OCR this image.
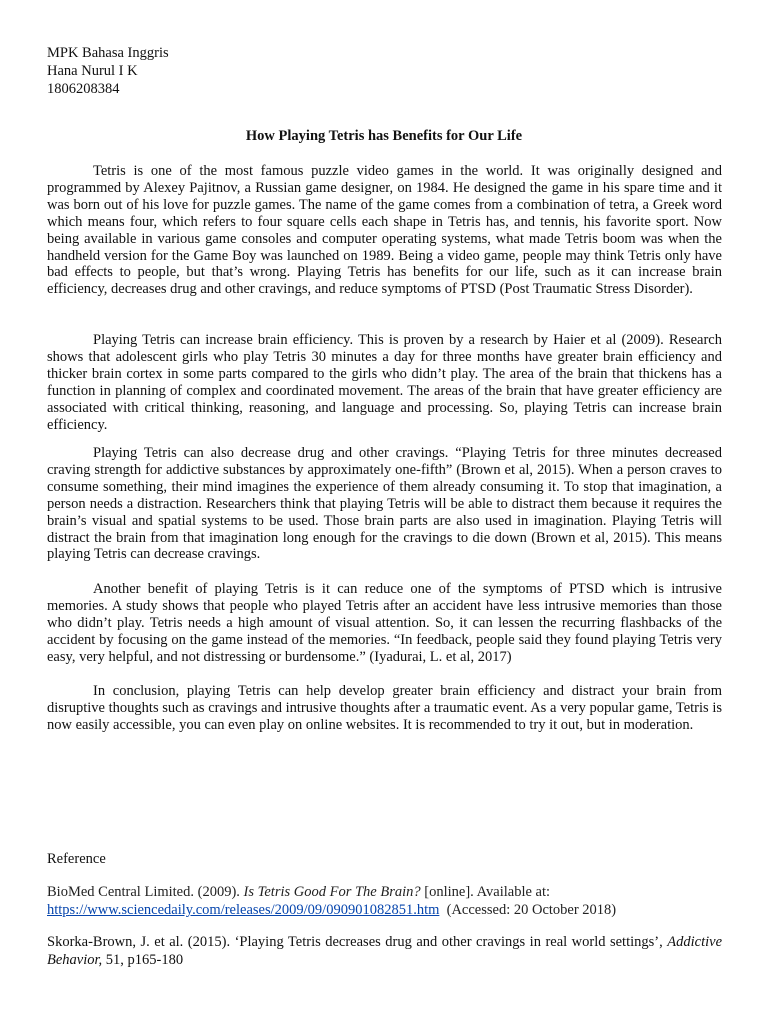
MPK Bahasa Inggris
Hana Nurul I K
1806208384
How Playing Tetris has Benefits for Our Life

Tetris is one of the most famous puzzle video games in the world. It was originally designed and programmed by Alexey Pajitnov, a Russian game designer, on 1984. He designed the game in his spare time and it was born out of his love for puzzle games. The name of the game comes from a combination of tetra, a Greek word which means four, which refers to four square cells each shape in Tetris has, and tennis, his favorite sport. Now being available in various game consoles and computer operating systems, what made Tetris boom was when the handheld version for the Game Boy was launched on 1989. Being a video game, people may think Tetris only have bad effects to people, but that’s wrong. Playing Tetris has benefits for our life, such as it can increase brain efficiency, decreases drug and other cravings, and reduce symptoms of PTSD (Post Traumatic Stress Disorder).

Playing Tetris can increase brain efficiency. This is proven by a research by Haier et al (2009). Research shows that adolescent girls who play Tetris 30 minutes a day for three months have greater brain efficiency and thicker brain cortex in some parts compared to the girls who didn’t play. The area of the brain that thickens has a function in planning of complex and coordinated movement. The areas of the brain that have greater efficiency are associated with critical thinking, reasoning, and language and processing. So, playing Tetris can increase brain efficiency.

Playing Tetris can also decrease drug and other cravings. “Playing Tetris for three minutes decreased craving strength for addictive substances by approximately one-fifth” (Brown et al, 2015). When a person craves to consume something, their mind imagines the experience of them already consuming it. To stop that imagination, a person needs a distraction. Researchers think that playing Tetris will be able to distract them because it requires the brain’s visual and spatial systems to be used. Those brain parts are also used in imagination. Playing Tetris will distract the brain from that imagination long enough for the cravings to die down (Brown et al, 2015). This means playing Tetris can decrease cravings.

Another benefit of playing Tetris is it can reduce one of the symptoms of PTSD which is intrusive memories. A study shows that people who played Tetris after an accident have less intrusive memories than those who didn’t play. Tetris needs a high amount of visual attention. So, it can lessen the recurring flashbacks of the accident by focusing on the game instead of the memories. “In feedback, people said they found playing Tetris very easy, very helpful, and not distressing or burdensome.” (Iyadurai, L. et al, 2017)

In conclusion, playing Tetris can help develop greater brain efficiency and distract your brain from disruptive thoughts such as cravings and intrusive thoughts after a traumatic event. As a very popular game, Tetris is now easily accessible, you can even play on online websites. It is recommended to try it out, but in moderation.

Reference

BioMed Central Limited. (2009). Is Tetris Good For The Brain? [online]. Available at:
https://www.sciencedaily.com/releases/2009/09/090901082851.htm (Accessed: 20 October 2018)

Skorka-Brown, J. et al. (2015). ‘Playing Tetris decreases drug and other cravings in real world settings’, Addictive Behavior, 51, p165-180
